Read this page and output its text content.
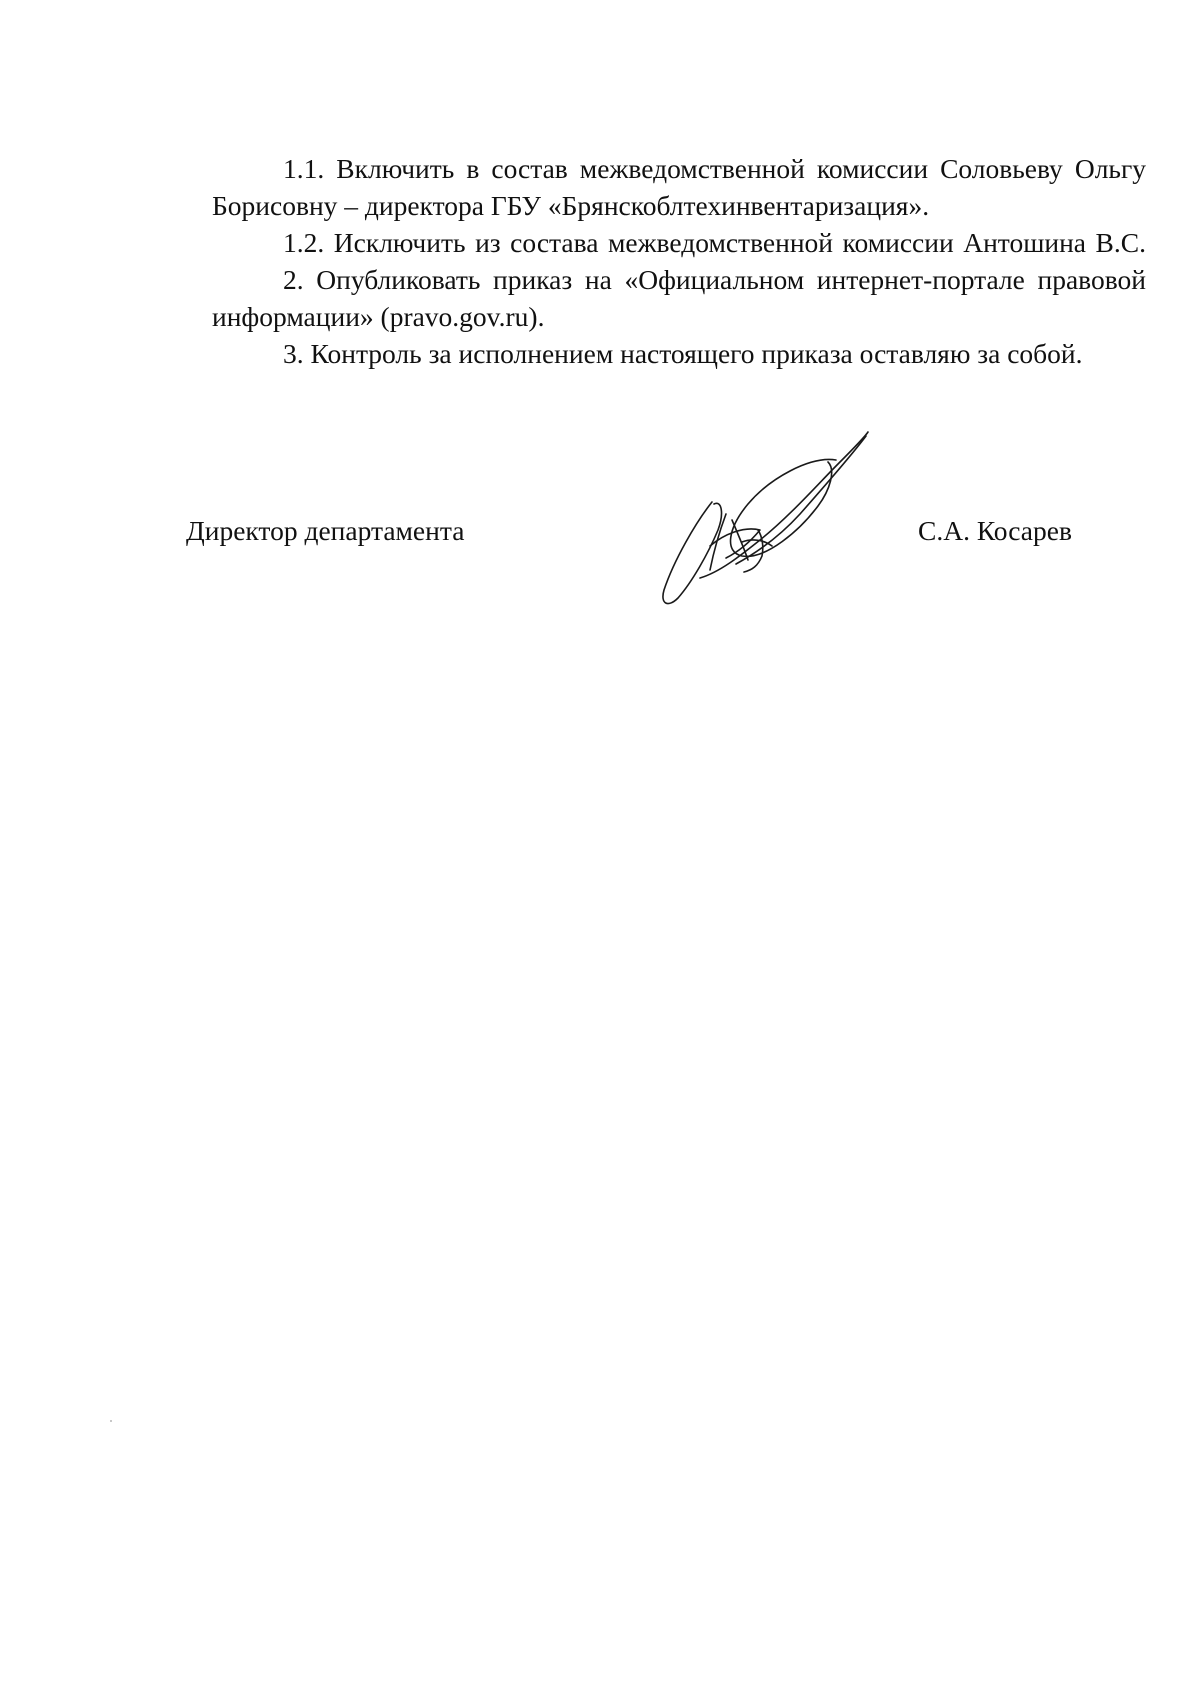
1.1. Включить в состав межведомственной комиссии Соловьеву Ольгу Борисовну – директора ГБУ «Брянскоблтехинвентаризация».

1.2. Исключить из состава межведомственной комиссии Антошина В.С.

2. Опубликовать приказ на «Официальном интернет-портале правовой информации» (pravo.gov.ru).

3. Контроль за исполнением настоящего приказа оставляю за собой.

Директор департамента	С.А. Косарев
